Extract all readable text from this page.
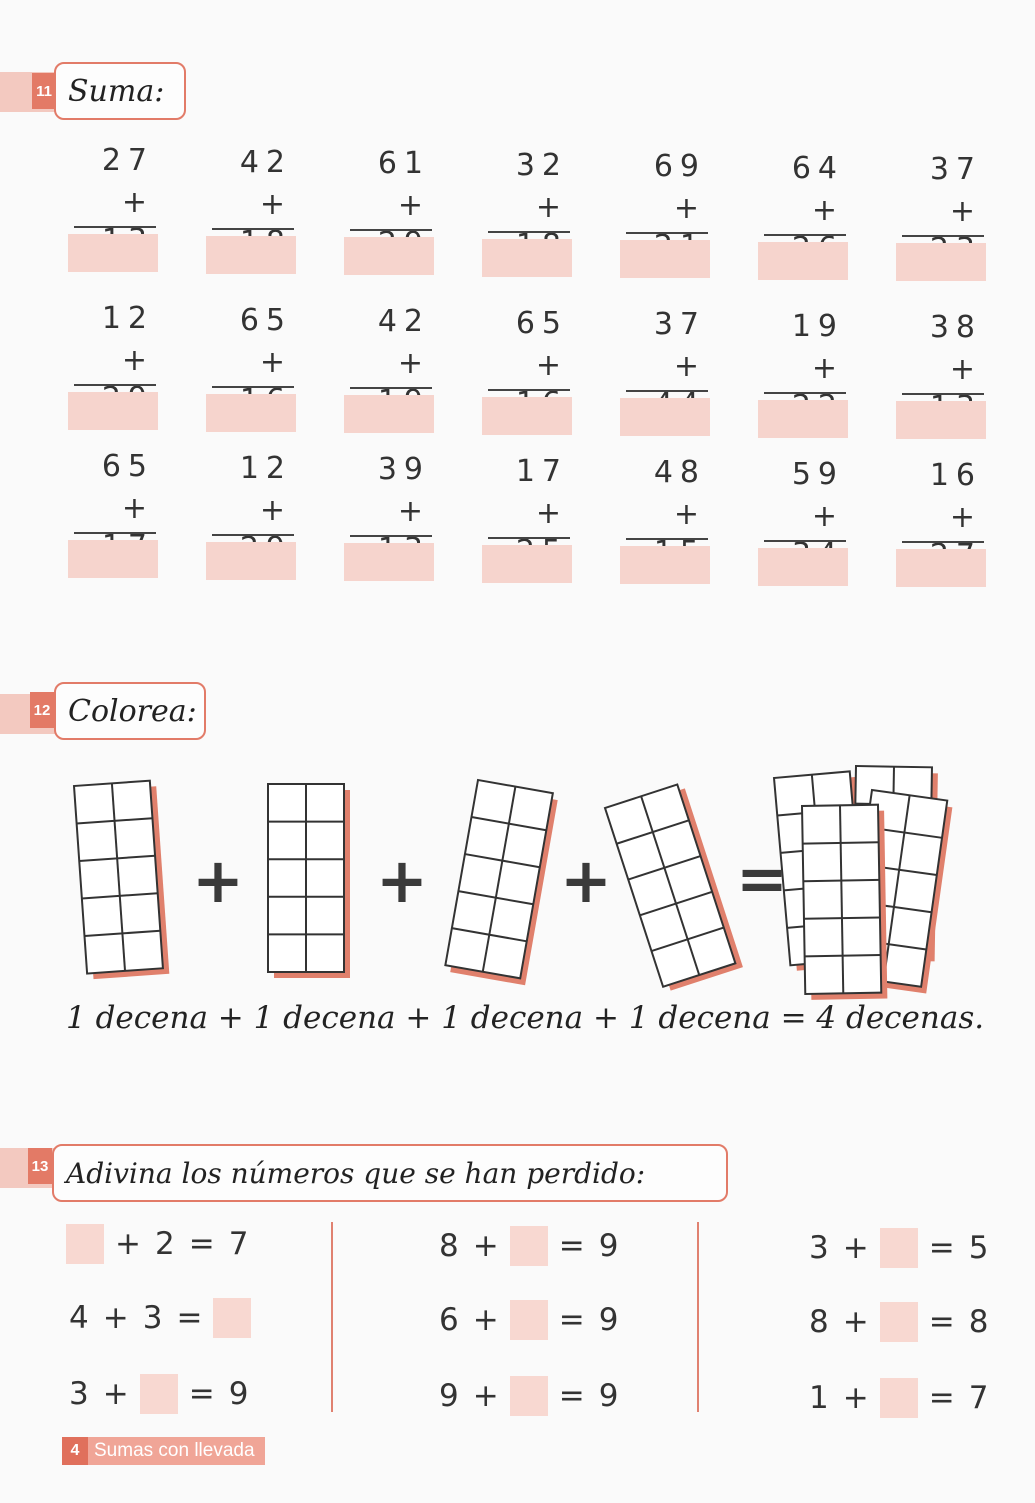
11 Suma:
27
+
42
+
61
+
32
+
69
+
64
+
37
+
12
+
65
+
42
+
65
+
37
+
19
+
38
+
65
+
12
+
39
+
17
+
48
+
59
+
16
+
12 Colorea:
+ + + =
1 decena + 1 decena + 1 decena + 1 decena = 4 decenas.
13 Adivina los números que se han perdido:
+ 2 = 7
4 + 3 =
3 + = 9
8 + = 9
6 + = 9
9 + = 9
3 + = 5
8 + = 8
1 + = 7
4 Sumas con llevada
